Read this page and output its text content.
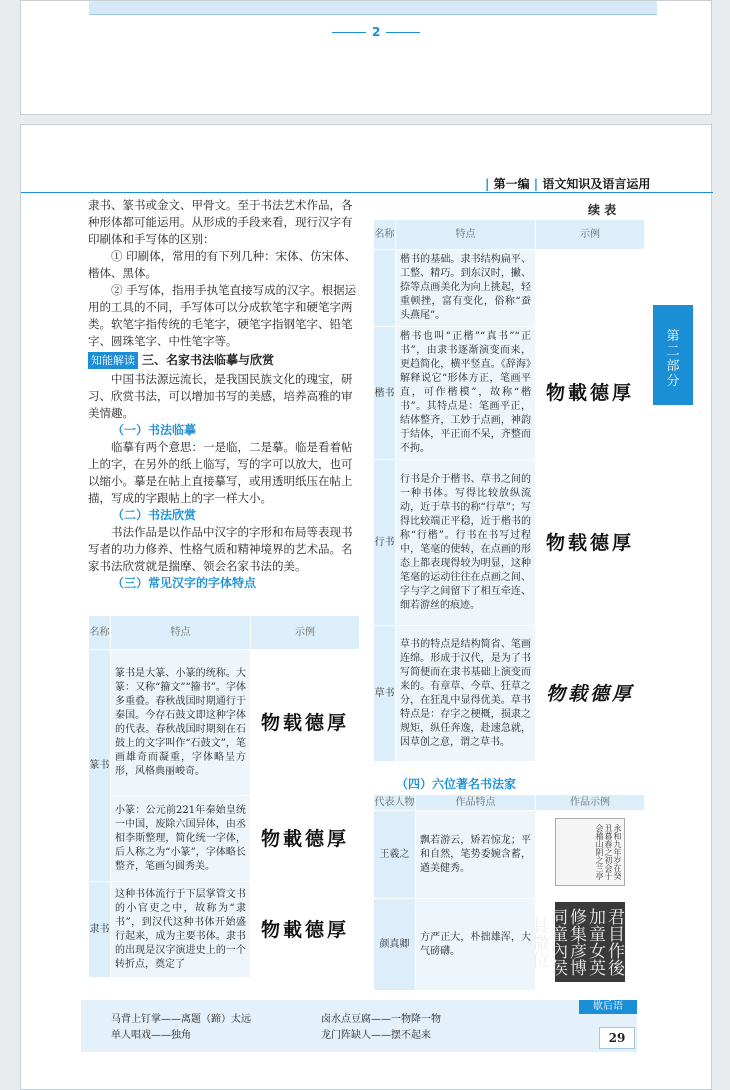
2
| 第一编 | 语文知识及语言运用
第
二
部
分

隶书、篆书或金文、甲骨文。至于书法艺术作品，各种形体都可能运用。从形成的手段来看，现行汉字有印刷体和手写体的区别：

① 印刷体，常用的有下列几种：宋体、仿宋体、楷体、黑体。

② 手写体，指用手执笔直接写成的汉字。根据运用的工具的不同，手写体可以分成软笔字和硬笔字两类。软笔字指传统的毛笔字，硬笔字指钢笔字、铅笔字、圆珠笔字、中性笔字等。

知能解读 三、名家书法临摹与欣赏

中国书法源远流长，是我国民族文化的瑰宝，研习、欣赏书法，可以增加书写的美感，培养高雅的审美情趣。

（一）书法临摹

临摹有两个意思：一是临，二是摹。临是看着帖上的字，在另外的纸上临写，写的字可以放大，也可以缩小。摹是在帖上直接摹写，或用透明纸压在帖上描，写成的字跟帖上的字一样大小。

（二）书法欣赏

书法作品是以作品中汉字的字形和布局等表现书写者的功力修养、性格气质和精神境界的艺术品。名家书法欣赏就是揣摩、领会名家书法的美。

（三）常见汉字的字体特点
名称	特点	示例
篆书	篆书是大篆、小篆的统称。大篆：又称“籀文”“籀书”。字体多重叠。春秋战国时期通行于秦国。今存石鼓文即这种字体的代表。春秋战国时期刻在石鼓上的文字叫作“石鼓文”，笔画雄奇而凝重，字体略呈方形，风格典丽峻奇。	物载德厚
	小篆：公元前221年秦始皇统一中国，废除六国异体，由丞相李斯整理，简化统一字体，后人称之为“小篆”，字体略长整齐，笔画匀圆秀美。	物載德厚
隶书	这种书体流行于下层掌管文书的小官吏之中，故称为“隶书”，到汉代这种书体开始盛行起来，成为主要书体。隶书的出现是汉字演进史上的一个转折点，奠定了	物載德厚
续 表
名称	特点	示例
	楷书的基础。隶书结构扁平、工整、精巧。到东汉时，撇、捺等点画美化为向上挑起，轻重顿挫，富有变化，俗称“蚕头燕尾”。	
楷书	楷书也叫“正楷”“真书”“正书”，由隶书逐渐演变而来，更趋简化，横平竖直。《辞海》解释说它“形体方正，笔画平直，可作楷模”，故称“楷书”。其特点是：笔画平正，结体整齐，工妙于点画，神韵于结体，平正而不呆，齐整而不拘。	物載德厚
行书	行书是介于楷书、草书之间的一种书体。写得比较放纵流动，近于草书的称“行草”；写得比较端正平稳，近于楷书的称“行楷”。行书在书写过程中，笔毫的使转，在点画的形态上都表现得较为明显，这种笔毫的运动往往在点画之间、字与字之间留下了相互牵连、细若游丝的痕迹。	物载德厚
草书	草书的特点是结构简省、笔画连绵。形成于汉代，是为了书写简便而在隶书基础上演变而来的。有章草、今草、狂草之分，在狂乱中显得优美。草书特点是：存字之梗概，损隶之规矩，纵任奔逸，赴速急就，因草创之意，谓之草书。	物载德厚
（四）六位著名书法家
代表人物	作品特点	作品示例
王羲之	飘若游云，矫若惊龙；平和自然，笔势委婉含蓄，遒美健秀。	永和九年岁在癸丑暮春之初会于会稽山阴之兰亭
颜真卿	方严正大，朴拙雄浑，大气磅礴。	君目作後加童女英修集彦博同童內侯具撒位
马背上钉掌——离题（蹄）太远
单人唱戏——独角
卤水点豆腐——一物降一物
龙门阵缺人——摆不起来
歇后语
29
